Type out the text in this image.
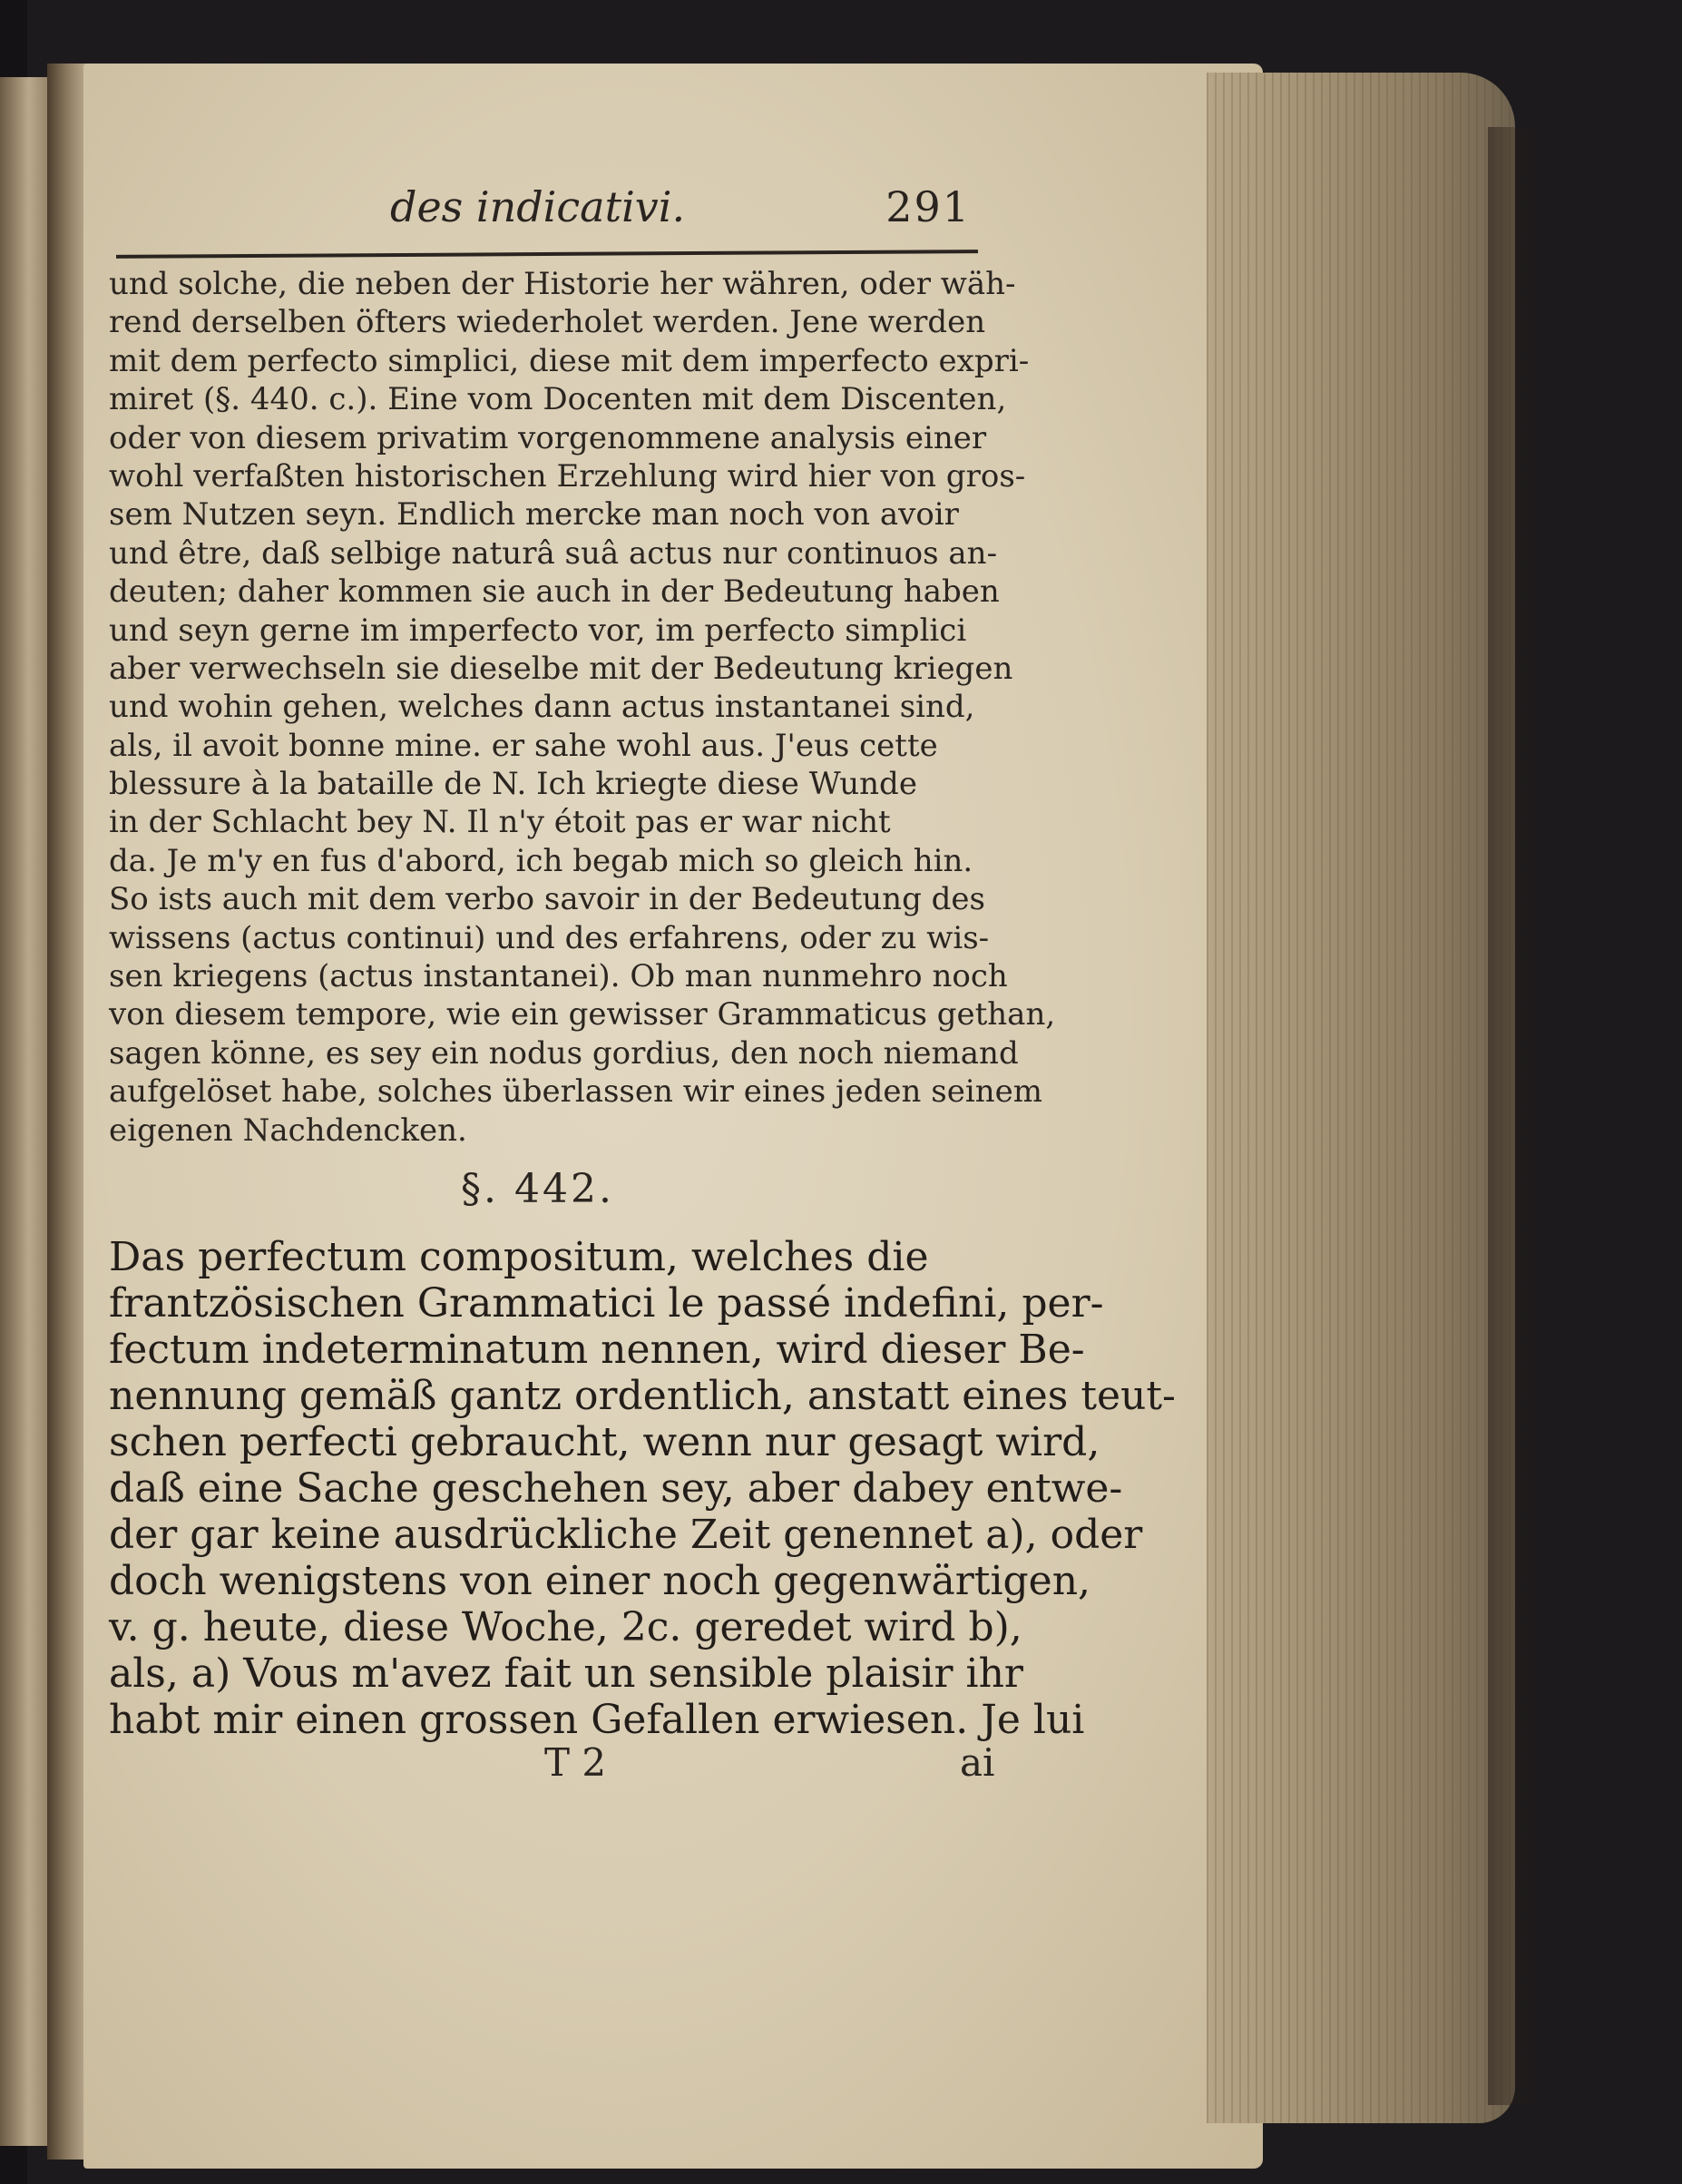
des indicativi.	291
und solche, die neben der Historie her währen, oder wäh-
rend derselben öfters wiederholet werden. Jene werden
mit dem perfecto simplici, diese mit dem imperfecto expri-
miret (§. 440. c.). Eine vom Docenten mit dem Discenten,
oder von diesem privatim vorgenommene analysis einer
wohl verfaßten historischen Erzehlung wird hier von gros-
sem Nutzen seyn. Endlich mercke man noch von avoir
und être, daß selbige naturâ suâ actus nur continuos an-
deuten; daher kommen sie auch in der Bedeutung haben
und seyn gerne im imperfecto vor, im perfecto simplici
aber verwechseln sie dieselbe mit der Bedeutung kriegen
und wohin gehen, welches dann actus instantanei sind,
als, il avoit bonne mine. er sahe wohl aus. J'eus cette
blessure à la bataille de N. Ich kriegte diese Wunde
in der Schlacht bey N. Il n'y étoit pas er war nicht
da. Je m'y en fus d'abord, ich begab mich so gleich hin.
So ists auch mit dem verbo savoir in der Bedeutung des
wissens (actus continui) und des erfahrens, oder zu wis-
sen kriegens (actus instantanei). Ob man nunmehro noch
von diesem tempore, wie ein gewisser Grammaticus gethan,
sagen könne, es sey ein nodus gordius, den noch niemand
aufgelöset habe, solches überlassen wir eines jeden seinem
eigenen Nachdencken.
§. 442.
Das perfectum compositum, welches die
frantzösischen Grammatici le passé indefini, per-
fectum indeterminatum nennen, wird dieser Be-
nennung gemäß gantz ordentlich, anstatt eines teut-
schen perfecti gebraucht, wenn nur gesagt wird,
daß eine Sache geschehen sey, aber dabey entwe-
der gar keine ausdrückliche Zeit genennet a), oder
doch wenigstens von einer noch gegenwärtigen,
v. g. heute, diese Woche, 2c. geredet wird b),
als, a) Vous m'avez fait un sensible plaisir ihr
habt mir einen grossen Gefallen erwiesen. Je lui
T 2	ai
